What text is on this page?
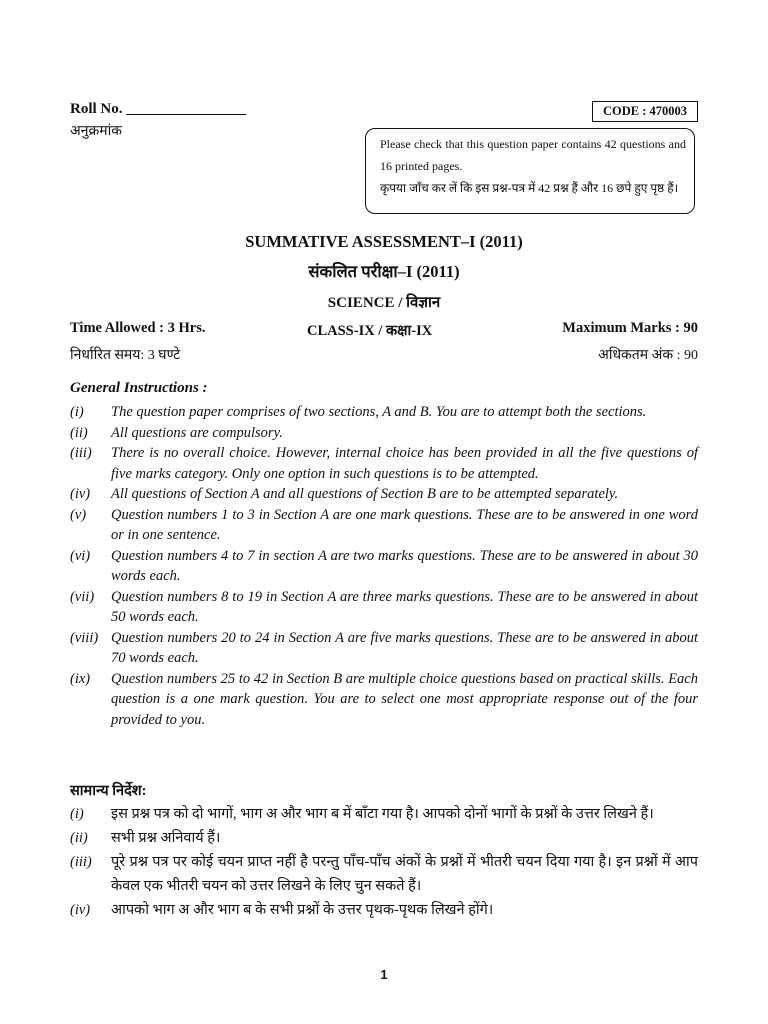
Roll No. ________________
अनुक्रमांक
CODE : 470003

Please check that this question paper contains 42 questions and 16 printed pages.

कृपया जाँच कर लें कि इस प्रश्न-पत्र में 42 प्रश्न हैं और 16 छपे हुए पृष्ठ हैं।

SUMMATIVE ASSESSMENT–I (2011)
संकलित परीक्षा–I (2011)
SCIENCE / विज्ञान
Time Allowed : 3 Hrs.	CLASS-IX / कक्षा-IX	Maximum Marks : 90
निर्धारित समय: 3 घण्टे	अधिकतम अंक : 90
General Instructions :
(i) The question paper comprises of two sections, A and B. You are to attempt both the sections.
(ii) All questions are compulsory.
(iii) There is no overall choice. However, internal choice has been provided in all the five questions of five marks category. Only one option in such questions is to be attempted.
(iv) All questions of Section A and all questions of Section B are to be attempted separately.
(v) Question numbers 1 to 3 in Section A are one mark questions. These are to be answered in one word or in one sentence.
(vi) Question numbers 4 to 7 in section A are two marks questions. These are to be answered in about 30 words each.
(vii) Question numbers 8 to 19 in Section A are three marks questions. These are to be answered in about 50 words each.
(viii) Question numbers 20 to 24 in Section A are five marks questions. These are to be answered in about 70 words each.
(ix) Question numbers 25 to 42 in Section B are multiple choice questions based on practical skills. Each question is a one mark question. You are to select one most appropriate response out of the four provided to you.
सामान्य निर्देश:
(i) इस प्रश्न पत्र को दो भागों, भाग अ और भाग ब में बाँटा गया है। आपको दोनों भागों के प्रश्नों के उत्तर लिखने हैं।
(ii) सभी प्रश्न अनिवार्य हैं।
(iii) पूरे प्रश्न पत्र पर कोई चयन प्राप्त नहीं है परन्तु पाँच-पाँच अंकों के प्रश्नों में भीतरी चयन दिया गया है। इन प्रश्नों में आप केवल एक भीतरी चयन को उत्तर लिखने के लिए चुन सकते हैं।
(iv) आपको भाग अ और भाग ब के सभी प्रश्नों के उत्तर पृथक-पृथक लिखने होंगे।
1
